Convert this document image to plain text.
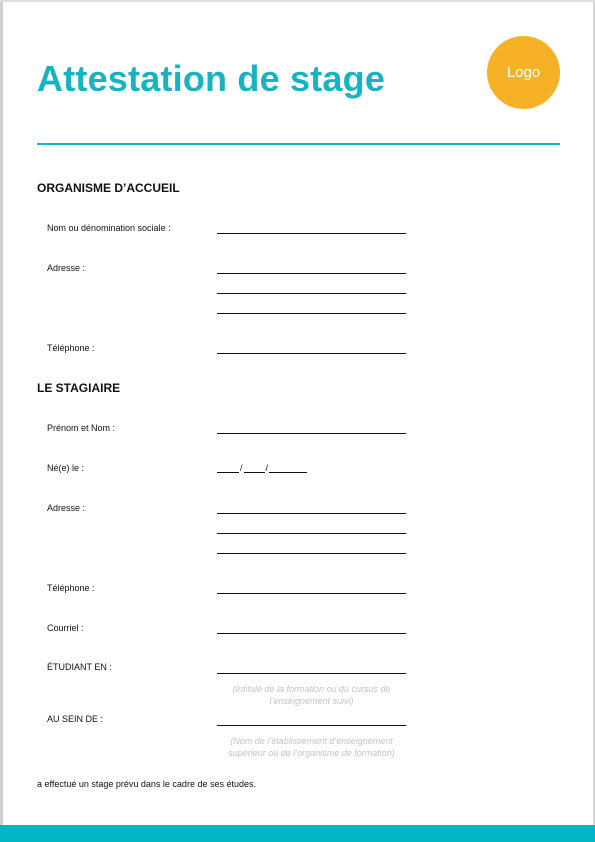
Attestation de stage	Logo
ORGANISME D’ACCUEIL
Nom ou dénomination sociale :
Adresse :
Téléphone :
LE STAGIAIRE
Prénom et Nom :
Né(e) le :	/	/
Adresse :
Téléphone :
Courriel :
ÉTUDIANT EN :
(Intitulé de la formation ou du cursus de l’enseignement suivi)
AU SEIN DE :
(Nom de l’établissement d’enseignement supérieur ou de l’organisme de formation)
a effectué un stage prévu dans le cadre de ses études.
